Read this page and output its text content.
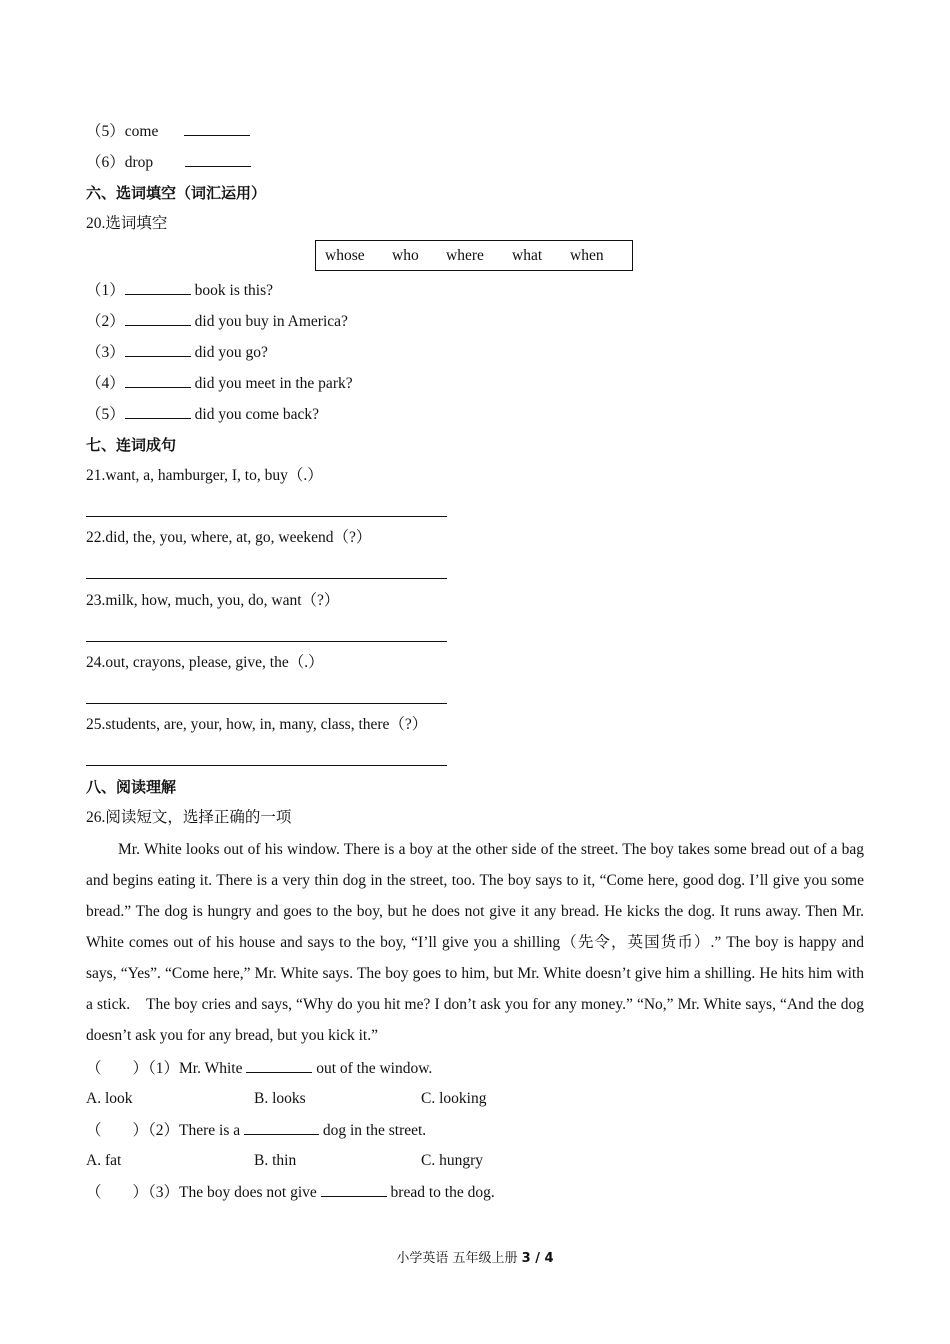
（5）come
（6）drop
六、选词填空（词汇运用）
20.选词填空
whose who where what when
（1）	book is this?
（2）	did you buy in America?
（3）	did you go?
（4）	did you meet in the park?
（5）	did you come back?
七、连词成句
21.want, a, hamburger, I, to, buy（.）
22.did, the, you, where, at, go, weekend（?）
23.milk, how, much, you, do, want（?）
24.out, crayons, please, give, the（.）
25.students, are, your, how, in, many, class, there（?）
八、阅读理解
26.阅读短文，选择正确的一项

Mr. White looks out of his window. There is a boy at the other side of the street. The boy takes some bread out of a bag and begins eating it. There is a very thin dog in the street, too. The boy says to it, “Come here, good dog. I’ll give you some bread.” The dog is hungry and goes to the boy, but he does not give it any bread. He kicks the dog. It runs away. Then Mr. White comes out of his house and says to the boy, “I’ll give you a shilling（先令，英国货币）.” The boy is happy and says, “Yes”. “Come here,” Mr. White says. The boy goes to him, but Mr. White doesn’t give him a shilling. He hits him with a stick.　The boy cries and says, “Why do you hit me? I don’t ask you for any money.” “No,” Mr. White says, “And the dog doesn’t ask you for any bread, but you kick it.”

（　　）（1）Mr. White	out of the window.
A. look	B. looks	C. looking
（　　）（2）There is a	dog in the street.
A. fat	B. thin	C. hungry
（　　）（3）The boy does not give	bread to the dog.
小学英语 五年级上册 3 / 4
